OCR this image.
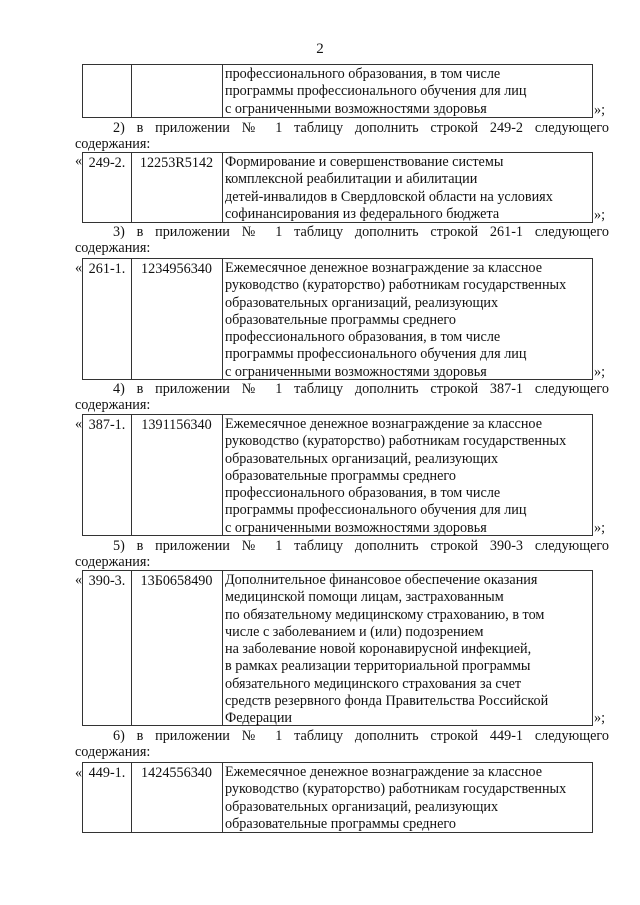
2
профессионального образования, в том числе
программы профессионального обучения для лиц
с ограниченными возможностями здоровья	»;
2) в приложении № 1 таблицу дополнить строкой 249-2 следующего
содержания:
« 249-2.	12253R5142 Формирование и совершенствование системы
комплексной реабилитации и абилитации
детей-инвалидов в Свердловской области на условиях
софинансирования из федерального бюджета	»;
3) в приложении № 1 таблицу дополнить строкой 261-1 следующего
содержания:
« 261-1.	1234956340 Ежемесячное денежное вознаграждение за классное
руководство (кураторство) работникам государственных
образовательных организаций, реализующих
образовательные программы среднего
профессионального образования, в том числе
программы профессионального обучения для лиц
с ограниченными возможностями здоровья	»;
4) в приложении № 1 таблицу дополнить строкой 387-1 следующего
содержания:
« 387-1.	1391156340 Ежемесячное денежное вознаграждение за классное
руководство (кураторство) работникам государственных
образовательных организаций, реализующих
образовательные программы среднего
профессионального образования, в том числе
программы профессионального обучения для лиц
с ограниченными возможностями здоровья	»;
5) в приложении № 1 таблицу дополнить строкой 390-3 следующего
содержания:
« 390-3.	13Б0658490 Дополнительное финансовое обеспечение оказания
медицинской помощи лицам, застрахованным
по обязательному медицинскому страхованию, в том
числе с заболеванием и (или) подозрением
на заболевание новой коронавирусной инфекцией,
в рамках реализации территориальной программы
обязательного медицинского страхования за счет
средств резервного фонда Правительства Российской
Федерации	»;
6) в приложении № 1 таблицу дополнить строкой 449-1 следующего
содержания:
« 449-1.	1424556340 Ежемесячное денежное вознаграждение за классное
руководство (кураторство) работникам государственных
образовательных организаций, реализующих
образовательные программы среднего
